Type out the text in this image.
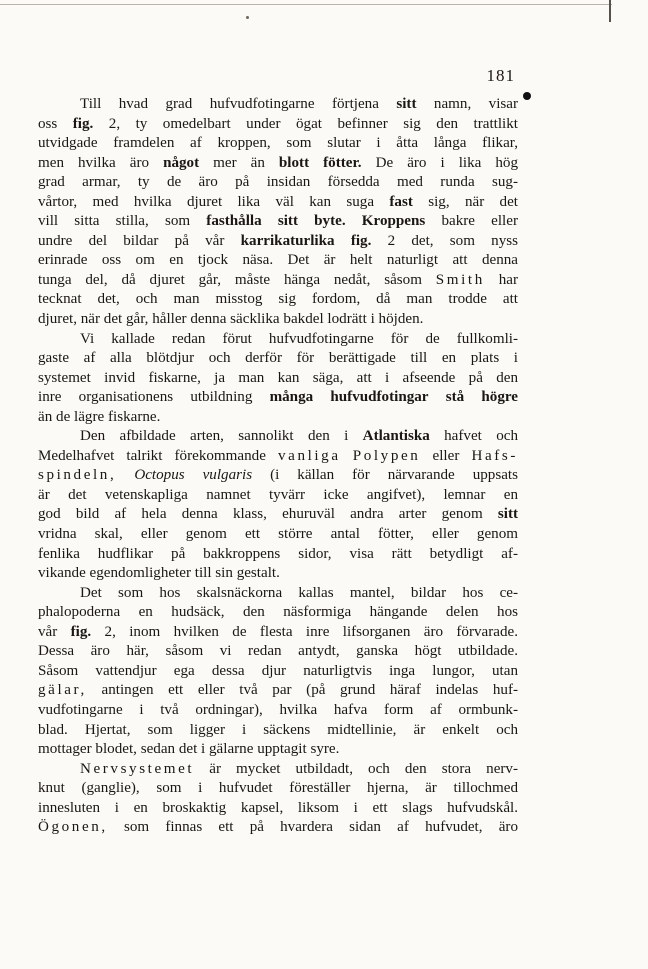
181
Till hvad grad hufvudfotingarne förtjena sitt namn, visar
oss fig. 2, ty omedelbart under ögat befinner sig den trattlikt
utvidgade framdelen af kroppen, som slutar i åtta långa flikar,
men hvilka äro något mer än blott fötter. De äro i lika hög
grad armar, ty de äro på insidan försedda med runda sug-
vårtor, med hvilka djuret lika väl kan suga fast sig, när det
vill sitta stilla, som fasthålla sitt byte. Kroppens bakre eller
undre del bildar på vår karrikaturlika fig. 2 det, som nyss
erinrade oss om en tjock näsa. Det är helt naturligt att denna
tunga del, då djuret går, måste hänga nedåt, såsom Smith har
tecknat det, och man misstog sig fordom, då man trodde att
djuret, när det går, håller denna säcklika bakdel lodrätt i höjden.
Vi kallade redan förut hufvudfotingarne för de fullkomli-
gaste af alla blötdjur och derför för berättigade till en plats i
systemet invid fiskarne, ja man kan säga, att i afseende på den
inre organisationens utbildning många hufvudfotingar stå högre
än de lägre fiskarne.
Den afbildade arten, sannolikt den i Atlantiska hafvet och
Medelhafvet talrikt förekommande vanliga Polypen eller Hafs-
spindeln, Octopus vulgaris (i källan för närvarande uppsats
är det vetenskapliga namnet tyvärr icke angifvet), lemnar en
god bild af hela denna klass, ehuruväl andra arter genom sitt
vridna skal, eller genom ett större antal fötter, eller genom
fenlika hudflikar på bakkroppens sidor, visa rätt betydligt af-
vikande egendomligheter till sin gestalt.
Det som hos skalsnäckorna kallas mantel, bildar hos ce-
phalopoderna en hudsäck, den näsformiga hängande delen hos
vår fig. 2, inom hvilken de flesta inre lifsorganen äro förvarade.
Dessa äro här, såsom vi redan antydt, ganska högt utbildade.
Såsom vattendjur ega dessa djur naturligtvis inga lungor, utan
gälar, antingen ett eller två par (på grund häraf indelas huf-
vudfotingarne i två ordningar), hvilka hafva form af ormbunk-
blad. Hjertat, som ligger i säckens midtellinie, är enkelt och
mottager blodet, sedan det i gälarne upptagit syre.
Nervsystemet är mycket utbildadt, och den stora nerv-
knut (ganglie), som i hufvudet föreställer hjerna, är tillochmed
innesluten i en broskaktig kapsel, liksom i ett slags hufvudskål.
Ögonen, som finnas ett på hvardera sidan af hufvudet, äro
